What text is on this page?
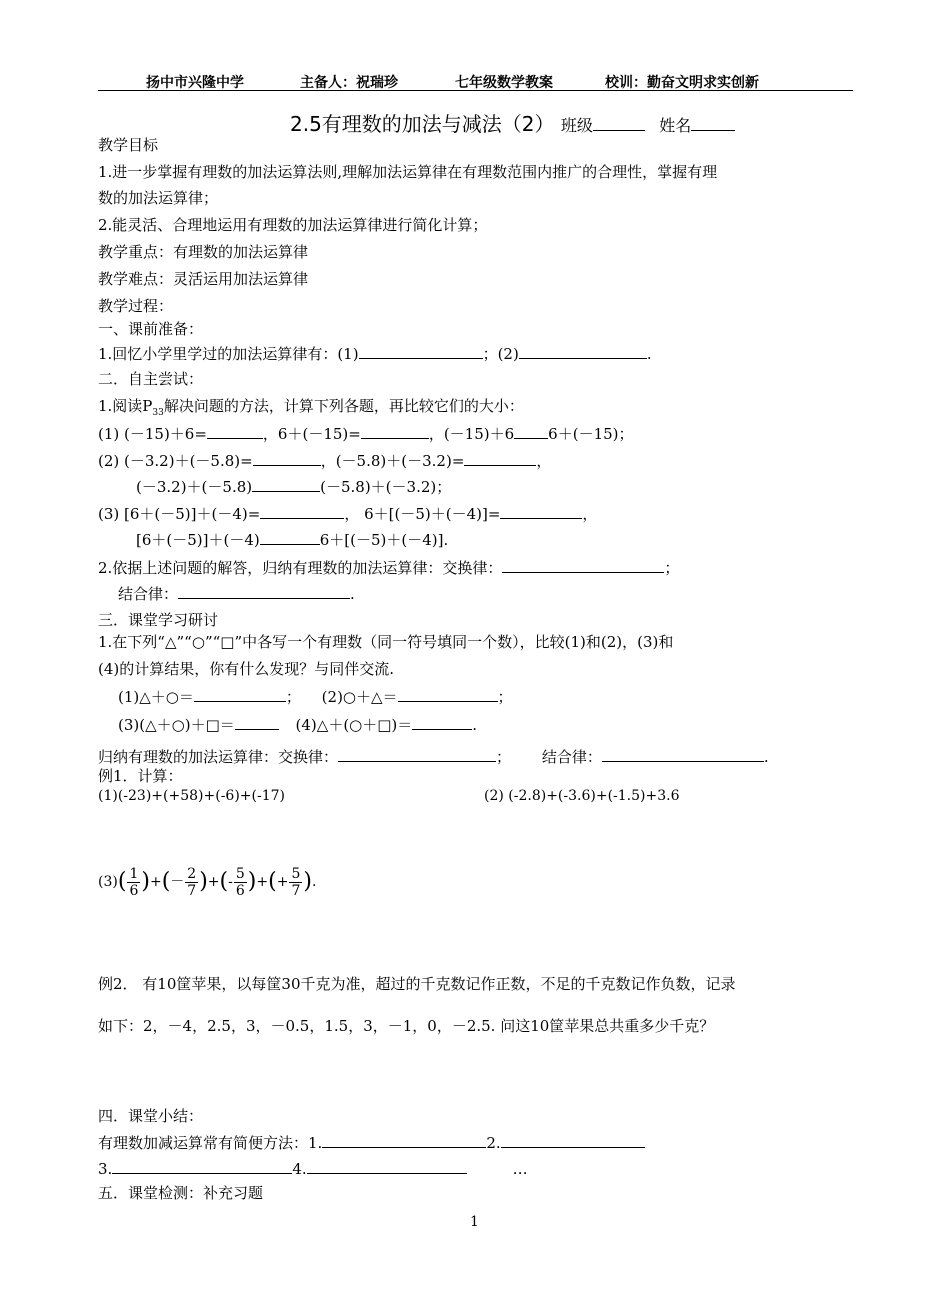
扬中市兴隆中学	主备人：祝瑞珍	七年级数学教案	校训：勤奋文明求实创新
2.5有理数的加法与减法（2） 班级	姓名
教学目标
1.进一步掌握有理数的加法运算法则,理解加法运算律在有理数范围内推广的合理性，掌握有理
数的加法运算律；
2.能灵活、合理地运用有理数的加法运算律进行简化计算；
教学重点：有理数的加法运算律
教学难点：灵活运用加法运算律
教学过程：
一、课前准备：
1.回忆小学里学过的加法运算律有：(1)	；(2)	.
二．自主尝试：
1.阅读$P_{33}$解决问题的方法，计算下列各题，再比较它们的大小：
(1) (－15)＋6=	，6＋(－15)=	，(－15)＋6 6＋(－15)；
(2) (－3.2)＋(－5.8)=	，(－5.8)＋(－3.2)=	，
(－3.2)＋(－5.8)	(－5.8)＋(－3.2)；
(3) [6＋(－5)]＋(－4)=	， 6＋[(－5)＋(－4)]=	，
[6＋(－5)]＋(－4)	6＋[(－5)＋(－4)].
2.依据上述问题的解答，归纳有理数的加法运算律：交换律：	；
结合律：	.
三．课堂学习研讨
1.在下列“△”“○”“□”中各写一个有理数（同一符号填同一个数），比较(1)和(2)，(3)和
(4)的计算结果，你有什么发现？与同伴交流.
(1)△＋○＝	； (2)○＋△＝	；
(3)(△＋○)＋□＝	(4)△＋(○＋□)＝	.
归纳有理数的加法运算律：交换律：	； 结合律：	.
例1．计算：
(1)(-23)+(+58)+(-6)+(-17)	(2) (-2.8)+(-3.6)+(-1.5)+3.6
$(3)( \frac{1}{6}$ )+(－ $\frac{2}{7}$ )+(- $\frac{5}{6}$ )+(+ $\frac{5}{7}$ ).
例2． 有10筐苹果，以每筐30千克为准，超过的千克数记作正数，不足的千克数记作负数，记录
如下：2，－4，2.5，3，－0.5，1.5，3，－1，0，－2.5. 问这10筐苹果总共重多少千克？
四．课堂小结：
有理数加减运算常有简便方法：1.	2.
3.	4.	…
五．课堂检测：补充习题
1
